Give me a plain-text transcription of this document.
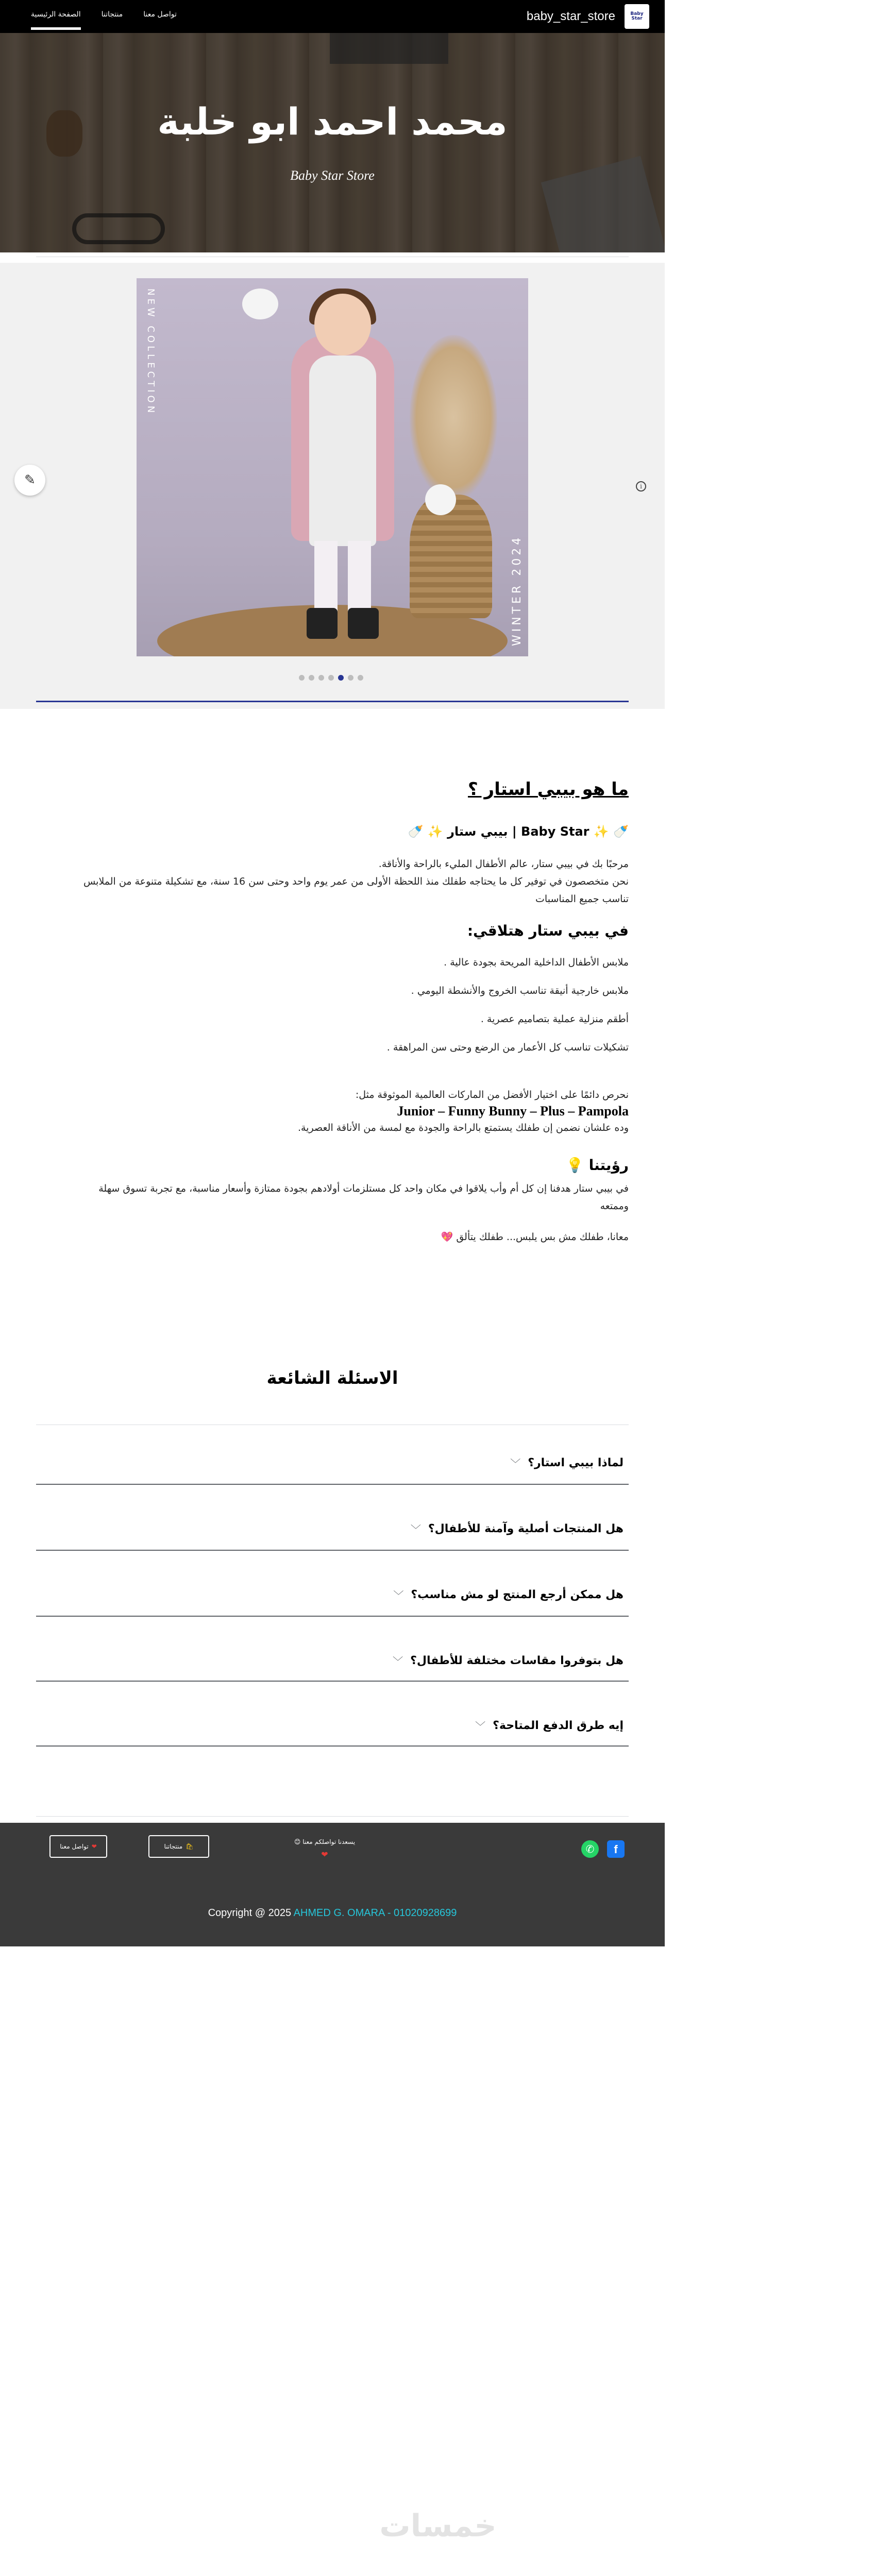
Baby Star
baby_star_store
الصفحة الرئيسية	منتجاتنا	تواصل معنا
محمد احمد ابو خلبة
Baby Star Store
NEW COLLECTION
WINTER 2024
✎	i
ما هو بيبي استار ؟
🍼 ✨ Baby Star | بيبي ستار ✨ 🍼
مرحبًا بك في بيبي ستار، عالم الأطفال المليء بالراحة والأناقة.
نحن متخصصون في توفير كل ما يحتاجه طفلك منذ اللحظة الأولى من عمر يوم واحد وحتى سن 16 سنة، مع تشكيلة متنوعة من الملابس
تناسب جميع المناسبات
في بيبي ستار هتلاقي:
ملابس الأطفال الداخلية المريحة بجودة عالية .
ملابس خارجية أنيقة تناسب الخروج والأنشطة اليومي .
أطقم منزلية عملية بتصاميم عصرية .
تشكيلات تناسب كل الأعمار من الرضع وحتى سن المراهقة .
نحرص دائمًا على اختيار الأفضل من الماركات العالمية الموثوقة مثل:
Junior – Funny Bunny – Plus – Pampola
وده علشان نضمن إن طفلك يستمتع بالراحة والجودة مع لمسة من الأناقة العصرية.
رؤيتنا 💡
في بيبي ستار هدفنا إن كل أم وأب يلاقوا في مكان واحد كل مستلزمات أولادهم بجودة ممتازة وأسعار مناسبة، مع تجربة تسوق سهلة
وممتعه
معانا، طفلك مش بس يلبس... طفلك يتألق 💖
الاسئلة الشائعة
لماذا بيبي استار؟
﹀
هل المنتجات أصلية وآمنة للأطفال؟
﹀
هل ممكن أرجع المنتج لو مش مناسب؟
﹀
هل بتوفروا مقاسات مختلفة للأطفال؟
﹀
إيه طرق الدفع المتاحة؟
﹀
❤
تواصل معنا	🛍
منتجاتنا
يسعدنا تواصلكم معنا 😊
❤	✆	f
Copyright @ 2025 AHMED G. OMARA - 01020928699
خمسات
